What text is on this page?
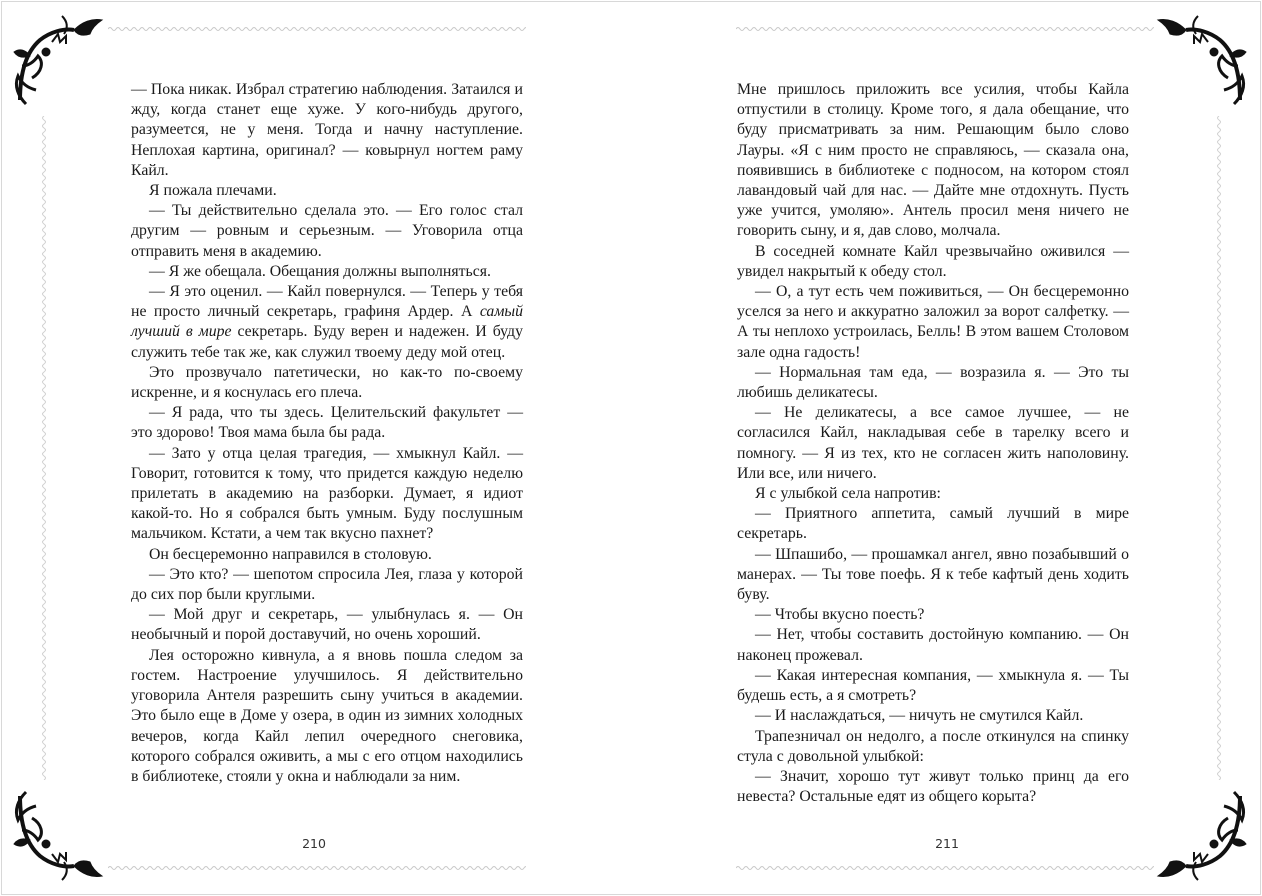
— Пока никак. Избрал стратегию наблюдения. Затаился и жду, когда станет еще хуже. У кого-нибудь другого, разумеется, не у меня. Тогда и начну наступление. Неплохая картина, оригинал? — ковырнул ногтем раму Кайл.

Я пожала плечами.

— Ты действительно сделала это. — Его голос стал другим — ровным и серьезным. — Уговорила отца отправить меня в академию.

— Я же обещала. Обещания должны выполняться.

— Я это оценил. — Кайл повернулся. — Теперь у тебя не просто личный секретарь, графиня Ардер. А самый лучший в мире секретарь. Буду верен и надежен. И буду служить тебе так же, как служил твоему деду мой отец.

Это прозвучало патетически, но как-то по-своему искренне, и я коснулась его плеча.

— Я рада, что ты здесь. Целительский факультет — это здорово! Твоя мама была бы рада.

— Зато у отца целая трагедия, — хмыкнул Кайл. — Говорит, готовится к тому, что придется каждую неделю прилетать в академию на разборки. Думает, я идиот какой-то. Но я собрался быть умным. Буду послушным мальчиком. Кстати, а чем так вкусно пахнет?

Он бесцеремонно направился в столовую.

— Это кто? — шепотом спросила Лея, глаза у которой до сих пор были круглыми.

— Мой друг и секретарь, — улыбнулась я. — Он необычный и порой доставучий, но очень хороший.

Лея осторожно кивнула, а я вновь пошла следом за гостем. Настроение улучшилось. Я действительно уговорила Антеля разрешить сыну учиться в академии. Это было еще в Доме у озера, в один из зимних холодных вечеров, когда Кайл лепил очередного снеговика, которого собрался оживить, а мы с его отцом находились в библиотеке, стояли у окна и наблюдали за ним.

Мне пришлось приложить все усилия, чтобы Кайла отпустили в столицу. Кроме того, я дала обещание, что буду присматривать за ним. Решающим было слово Лауры. «Я с ним просто не справляюсь, — сказала она, появившись в библиотеке с подносом, на котором стоял лавандовый чай для нас. — Дайте мне отдохнуть. Пусть уже учится, умоляю». Антель просил меня ничего не говорить сыну, и я, дав слово, молчала.

В соседней комнате Кайл чрезвычайно оживился — увидел накрытый к обеду стол.

— О, а тут есть чем поживиться, — Он бесцеремонно уселся за него и аккуратно заложил за ворот салфетку. — А ты неплохо устроилась, Белль! В этом вашем Столовом зале одна гадость!

— Нормальная там еда, — возразила я. — Это ты любишь деликатесы.

— Не деликатесы, а все самое лучшее, — не согласился Кайл, накладывая себе в тарелку всего и помногу. — Я из тех, кто не согласен жить наполовину. Или все, или ничего.

Я с улыбкой села напротив:

— Приятного аппетита, самый лучший в мире секретарь.

— Шпашибо, — прошамкал ангел, явно позабывший о манерах. — Ты тове поефь. Я к тебе кафтый день ходить буву.

— Чтобы вкусно поесть?

— Нет, чтобы составить достойную компанию. — Он наконец прожевал.

— Какая интересная компания, — хмыкнула я. — Ты будешь есть, а я смотреть?

— И наслаждаться, — ничуть не смутился Кайл.

Трапезничал он недолго, а после откинулся на спинку стула с довольной улыбкой:

— Значит, хорошо тут живут только принц да его невеста? Остальные едят из общего корыта?

210	211
